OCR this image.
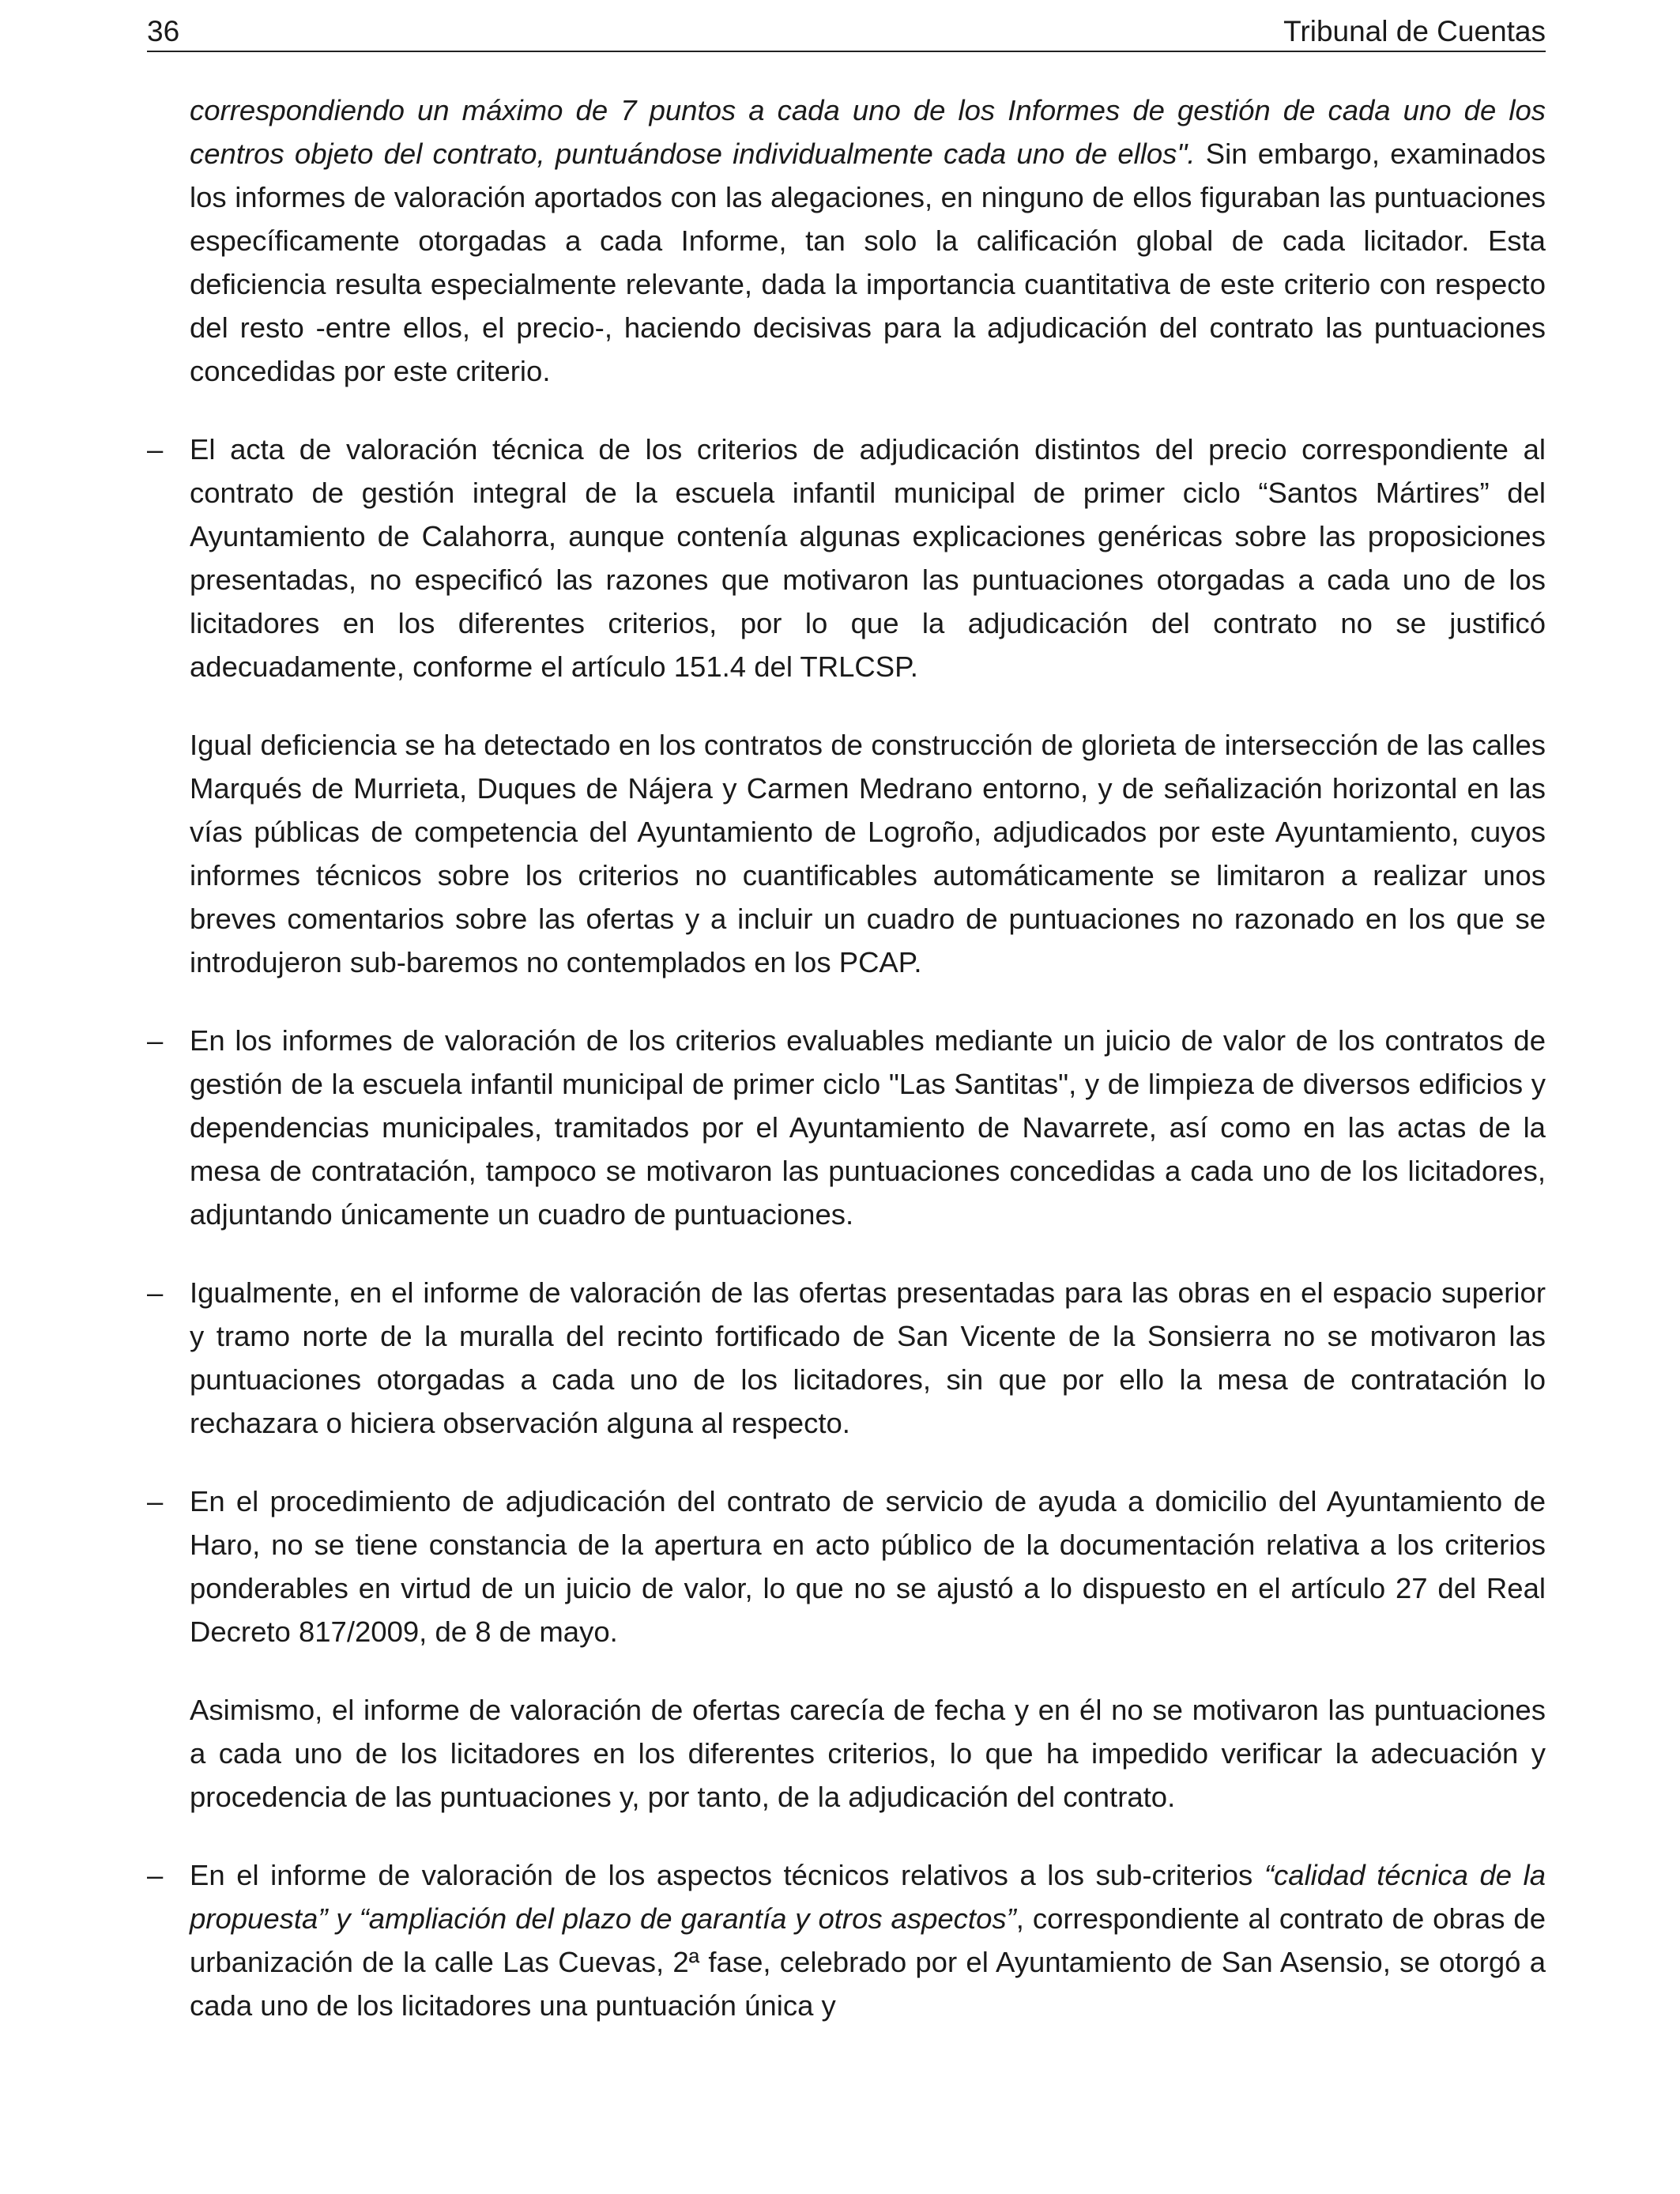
36	Tribunal de Cuentas

correspondiendo un máximo de 7 puntos a cada uno de los Informes de gestión de cada uno de los centros objeto del contrato, puntuándose individualmente cada uno de ellos". Sin embargo, examinados los informes de valoración aportados con las alegaciones, en ninguno de ellos figuraban las puntuaciones específicamente otorgadas a cada Informe, tan solo la calificación global de cada licitador. Esta deficiencia resulta especialmente relevante, dada la importancia cuantitativa de este criterio con respecto del resto -entre ellos, el precio-, haciendo decisivas para la adjudicación del contrato las puntuaciones concedidas por este criterio.

– El acta de valoración técnica de los criterios de adjudicación distintos del precio correspondiente al contrato de gestión integral de la escuela infantil municipal de primer ciclo “Santos Mártires” del Ayuntamiento de Calahorra, aunque contenía algunas explicaciones genéricas sobre las proposiciones presentadas, no especificó las razones que motivaron las puntuaciones otorgadas a cada uno de los licitadores en los diferentes criterios, por lo que la adjudicación del contrato no se justificó adecuadamente, conforme el artículo 151.4 del TRLCSP.

Igual deficiencia se ha detectado en los contratos de construcción de glorieta de intersección de las calles Marqués de Murrieta, Duques de Nájera y Carmen Medrano entorno, y de señalización horizontal en las vías públicas de competencia del Ayuntamiento de Logroño, adjudicados por este Ayuntamiento, cuyos informes técnicos sobre los criterios no cuantificables automáticamente se limitaron a realizar unos breves comentarios sobre las ofertas y a incluir un cuadro de puntuaciones no razonado en los que se introdujeron sub-baremos no contemplados en los PCAP.

– En los informes de valoración de los criterios evaluables mediante un juicio de valor de los contratos de gestión de la escuela infantil municipal de primer ciclo "Las Santitas", y de limpieza de diversos edificios y dependencias municipales, tramitados por el Ayuntamiento de Navarrete, así como en las actas de la mesa de contratación, tampoco se motivaron las puntuaciones concedidas a cada uno de los licitadores, adjuntando únicamente un cuadro de puntuaciones.

– Igualmente, en el informe de valoración de las ofertas presentadas para las obras en el espacio superior y tramo norte de la muralla del recinto fortificado de San Vicente de la Sonsierra no se motivaron las puntuaciones otorgadas a cada uno de los licitadores, sin que por ello la mesa de contratación lo rechazara o hiciera observación alguna al respecto.

– En el procedimiento de adjudicación del contrato de servicio de ayuda a domicilio del Ayuntamiento de Haro, no se tiene constancia de la apertura en acto público de la documentación relativa a los criterios ponderables en virtud de un juicio de valor, lo que no se ajustó a lo dispuesto en el artículo 27 del Real Decreto 817/2009, de 8 de mayo.

Asimismo, el informe de valoración de ofertas carecía de fecha y en él no se motivaron las puntuaciones a cada uno de los licitadores en los diferentes criterios, lo que ha impedido verificar la adecuación y procedencia de las puntuaciones y, por tanto, de la adjudicación del contrato.

– En el informe de valoración de los aspectos técnicos relativos a los sub-criterios “calidad técnica de la propuesta” y “ampliación del plazo de garantía y otros aspectos”, correspondiente al contrato de obras de urbanización de la calle Las Cuevas, 2ª fase, celebrado por el Ayuntamiento de San Asensio, se otorgó a cada uno de los licitadores una puntuación única y
